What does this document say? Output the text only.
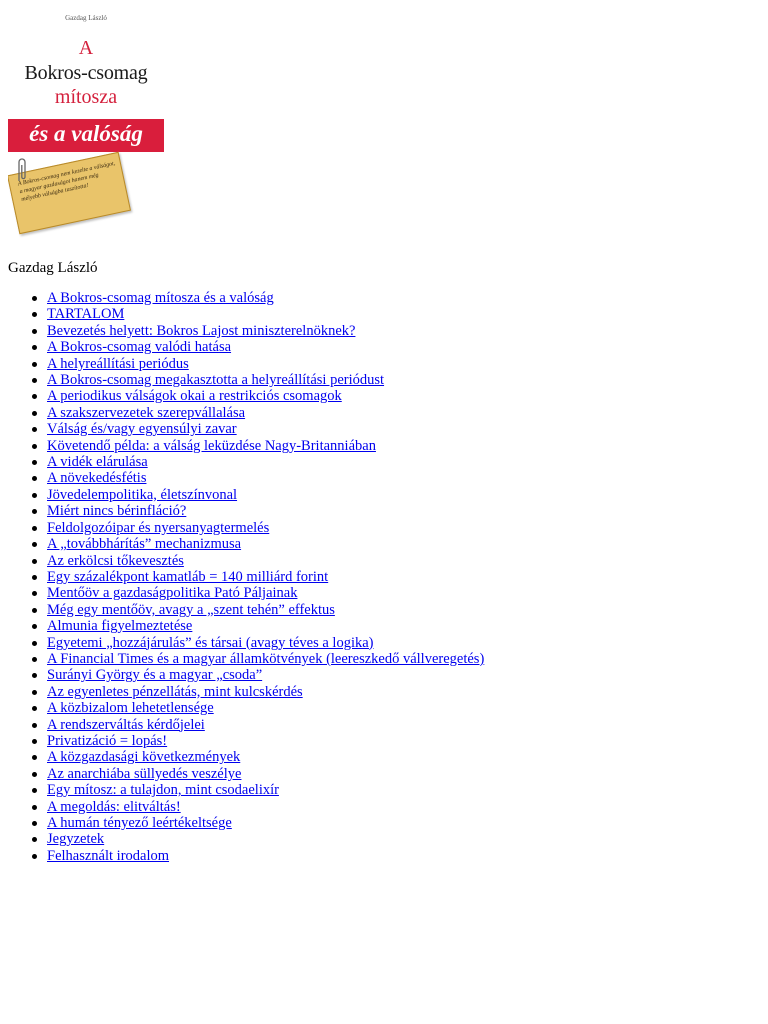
Gazdag László
A
Bokros-csomag
mítosza
és a valóság
A Bokros-csomag nem kezelte a válságot, a magyar gazdaságot hanem még mélyebb válságba taszította!
Gazdag László
A Bokros-csomag mítosza és a valóság
TARTALOM
Bevezetés helyett: Bokros Lajost miniszterelnöknek?
A Bokros-csomag valódi hatása
A helyreállítási periódus
A Bokros-csomag megakasztotta a helyreállítási periódust
A periodikus válságok okai a restrikciós csomagok
A szakszervezetek szerepvállalása
Válság és/vagy egyensúlyi zavar
Követendő példa: a válság leküzdése Nagy-Britanniában
A vidék elárulása
A növekedésfétis
Jövedelempolitika, életszínvonal
Miért nincs bérinfláció?
Feldolgozóipar és nyersanyagtermelés
A „továbbhárítás” mechanizmusa
Az erkölcsi tőkevesztés
Egy százalékpont kamatláb = 140 milliárd forint
Mentőöv a gazdaságpolitika Pató Páljainak
Még egy mentőöv, avagy a „szent tehén” effektus
Almunia figyelmeztetése
Egyetemi „hozzájárulás” és társai (avagy téves a logika)
A Financial Times és a magyar államkötvények (leereszkedő vállveregetés)
Surányi György és a magyar „csoda”
Az egyenletes pénzellátás, mint kulcskérdés
A közbizalom lehetetlensége
A rendszerváltás kérdőjelei
Privatizáció = lopás!
A közgazdasági következmények
Az anarchiába süllyedés veszélye
Egy mítosz: a tulajdon, mint csodaelixír
A megoldás: elitváltás!
A humán tényező leértékeltsége
Jegyzetek
Felhasznált irodalom
